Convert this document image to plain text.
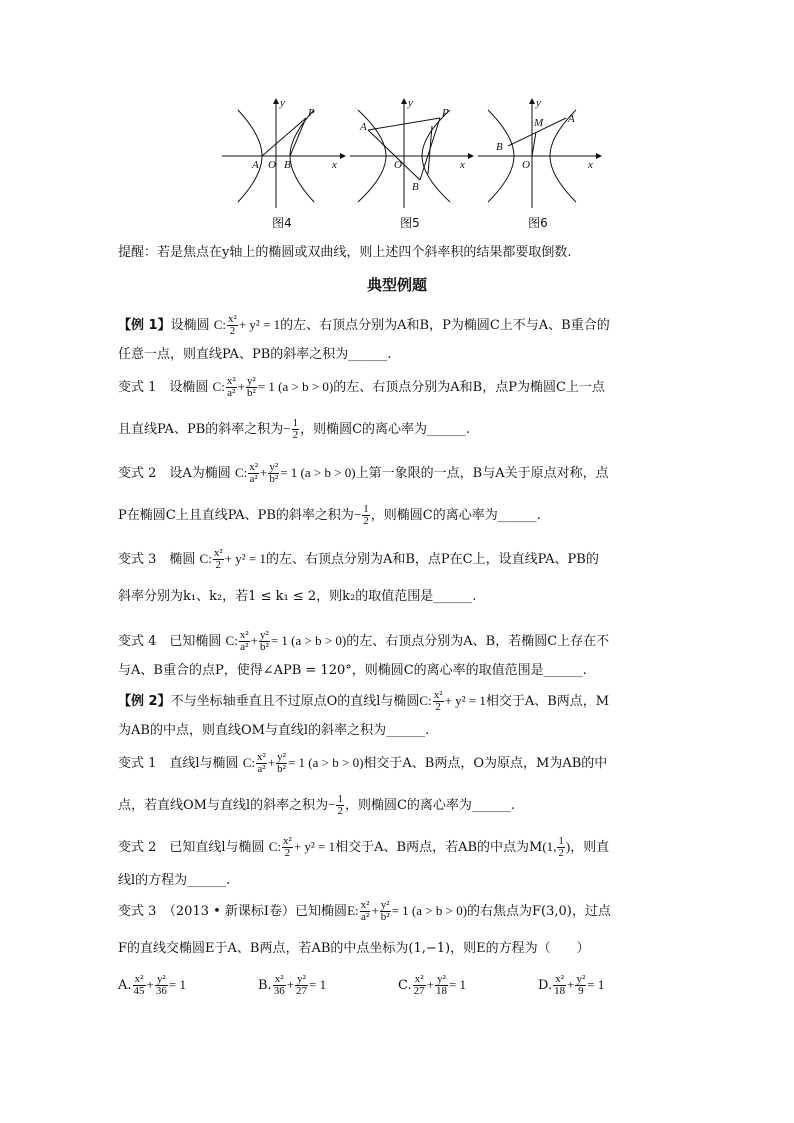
y
x
P
A O B
图4
y
x
P
A
O
B
图5
y
x
M A
O
B
图6
提醒：若是焦点在y轴上的椭圆或双曲线，则上述四个斜率积的结果都要取倒数.
典型例题
【例 1】设椭圆 C: $\frac{\text{x²}}{2} + y^2 = 1$的左、右顶点分别为A和B，P为椭圆C上不与A、B重合的
任意一点，则直线PA、PB的斜率之积为______.
变式 1　设椭圆 C: $\frac{\text{x²}}{\text{a²}} + \frac{\text{y²}}{\text{b²}} = 1$ (a > b > 0)的左、右顶点分别为A和B，点P为椭圆C上一点
且直线PA、PB的斜率之积为− $\frac{1}{2}$ ，则椭圆C的离心率为______.
变式 2　设A为椭圆 C: $\frac{\text{x²}}{\text{a²}} + \frac{\text{y²}}{\text{b²}} = 1$ (a > b > 0)上第一象限的一点，B与A关于原点对称，点
P在椭圆C上且直线PA、PB的斜率之积为− $\frac{1}{2}$ ，则椭圆C的离心率为______.
变式 3　椭圆 C: $\frac{\text{x²}}{2} + y^2 = 1$的左、右顶点分别为A和B，点P在C上，设直线PA、PB的
斜率分别为k₁、k₂，若1 ≤ k₁ ≤ 2，则k₂的取值范围是______.
变式 4　已知椭圆 C: $\frac{\text{x²}}{\text{a²}} + \frac{\text{y²}}{\text{b²}} = 1$ (a > b > 0)的左、右顶点分别为A、B，若椭圆C上存在不
与A、B重合的点P，使得∠APB = 120°，则椭圆C的离心率的取值范围是______.
【例 2】不与坐标轴垂直且不过原点O的直线l与椭圆C: $\frac{\text{x²}}{2} + y^2 = 1$相交于A、B两点，M
为AB的中点，则直线OM与直线l的斜率之积为______.
变式 1　直线l与椭圆 C: $\frac{\text{x²}}{\text{a²}} + \frac{\text{y²}}{\text{b²}} = 1$ (a > b > 0)相交于A、B两点，O为原点，M为AB的中
点，若直线OM与直线l的斜率之积为− $\frac{1}{2}$ ，则椭圆C的离心率为______.
变式 2　已知直线l与椭圆 C: $\frac{\text{x²}}{2} + y^2 = 1$相交于A、B两点，若AB的中点为M(1, $\frac{1}{2}$ )，则直
线l的方程为______.
变式 3　（2013 • 新课标Ⅰ卷）已知椭圆E: $\frac{\text{x²}}{\text{a²}} + \frac{\text{y²}}{\text{b²}} = 1$ (a > b > 0)的右焦点为F(3,0)，过点
F的直线交椭圆E于A、B两点，若AB的中点坐标为(1,−1)，则E的方程为（　　）
A. $\frac{\text{x²}}{45} + \frac{\text{y²}}{36} = 1$	B. $\frac{\text{x²}}{36} + \frac{\text{y²}}{27} = 1$	C. $\frac{\text{x²}}{27} + \frac{\text{y²}}{18} = 1$	D. $\frac{\text{x²}}{18} + \frac{\text{y²}}{9} = 1$
